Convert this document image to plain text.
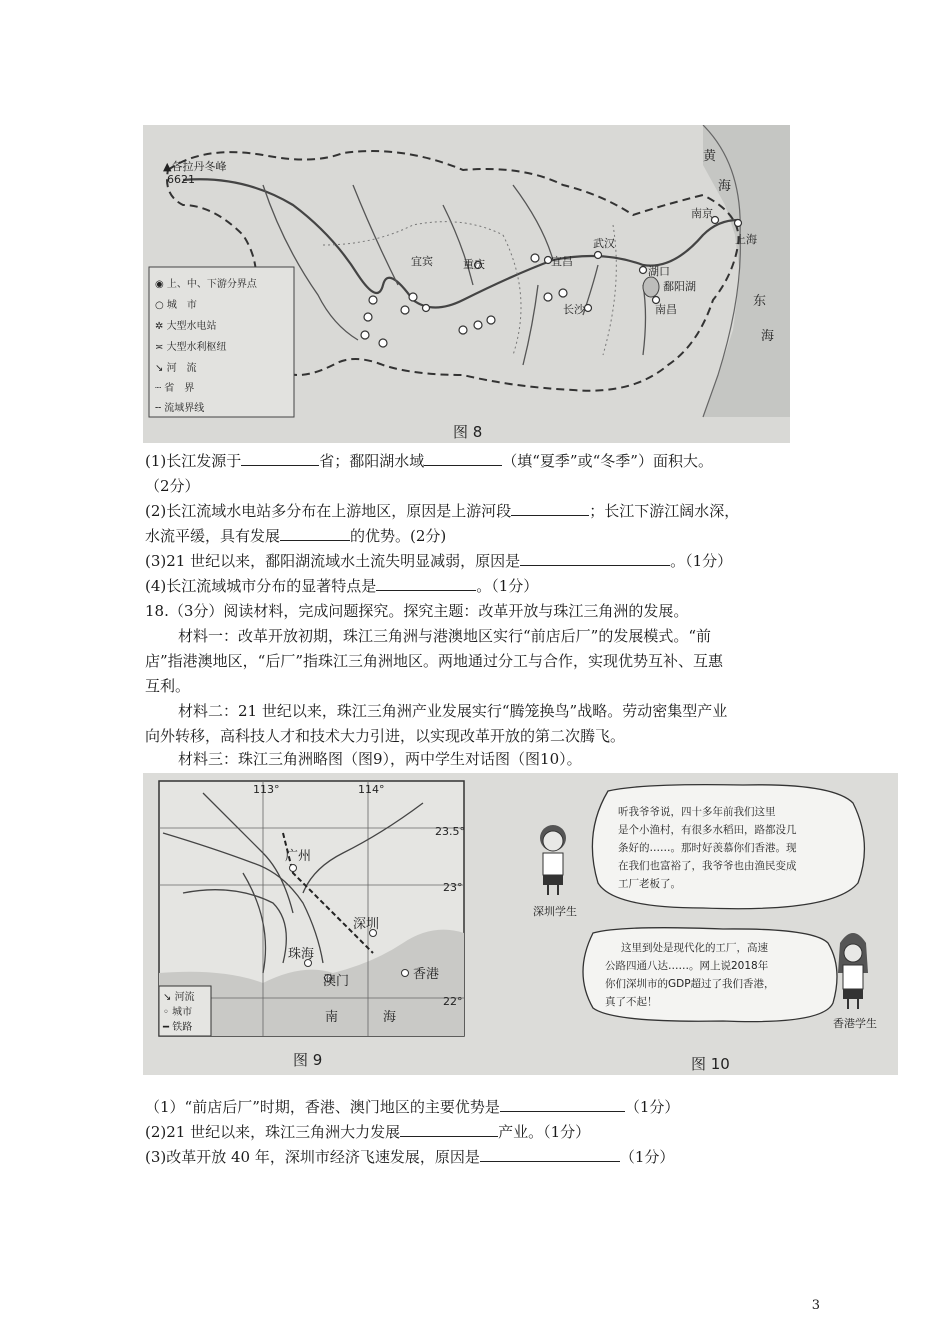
◉ 上、中、下游分界点
○ 城　市
✲ 大型水电站
≍ 大型水利枢纽
↘ 河　流
┈ 省　界
╌ 流域界线
▲各拉丹冬峰
6621
黄
海
东
海
南京
上海
武汉
湖口
鄱阳湖
南昌
长沙
宜昌
重庆
宜宾
图 8
(1)长江发源于	省；鄱阳湖水域	（填“夏季”或“冬季”）面积大。
（2分）
(2)长江流域水电站多分布在上游地区，原因是上游河段	；长江下游江阔水深，
水流平缓，具有发展	的优势。(2分)
(3)21 世纪以来，鄱阳湖流域水土流失明显减弱，原因是	。（1分）
(4)长江流域城市分布的显著特点是	。（1分）
18.（3分）阅读材料，完成问题探究。探究主题：改革开放与珠江三角洲的发展。
材料一：改革开放初期，珠江三角洲与港澳地区实行“前店后厂”的发展模式。“前
店”指港澳地区，“后厂”指珠江三角洲地区。两地通过分工与合作，实现优势互补、互惠
互利。
材料二：21 世纪以来，珠江三角洲产业发展实行“腾笼换鸟”战略。劳动密集型产业
向外转移，高科技人才和技术大力引进，以实现改革开放的第二次腾飞。
材料三：珠江三角洲略图（图9），两中学生对话图（图10）。
113°	114°
23.5°
23°
22°
广州
深圳
珠海
澳门	香港
南	海
↘ 河流
◦ 城市
━ 铁路
图 9
听我爷爷说，四十多年前我们这里
是个小渔村，有很多水稻田，路都没几
条好的……。那时好羡慕你们香港。现
在我们也富裕了，我爷爷也由渔民变成
工厂老板了。
深圳学生
这里到处是现代化的工厂，高速
公路四通八达……。网上说2018年
你们深圳市的GDP超过了我们香港，
真了不起！
香港学生
图 10
（1）“前店后厂”时期，香港、澳门地区的主要优势是	（1分）
(2)21 世纪以来，珠江三角洲大力发展	产业。（1分）
(3)改革开放 40 年，深圳市经济飞速发展，原因是	（1分）
3
